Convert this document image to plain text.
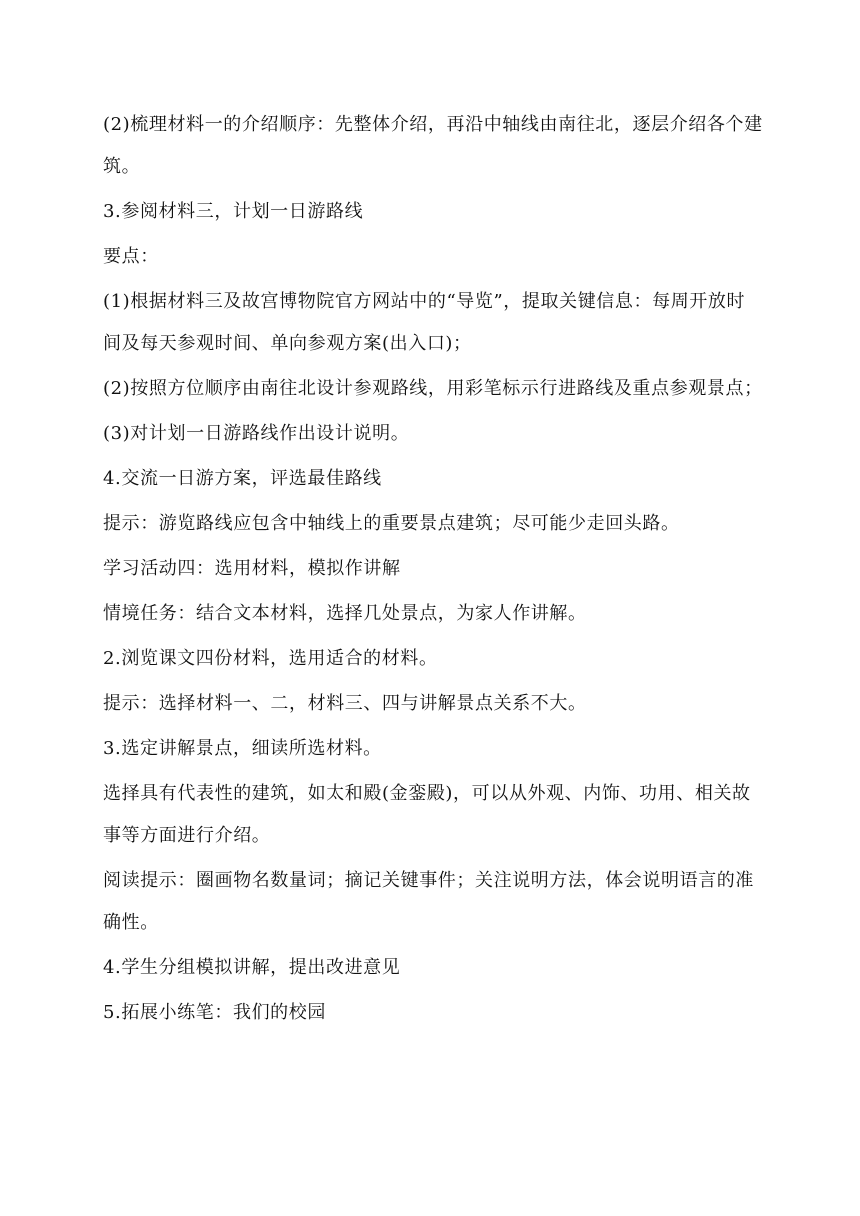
(2)梳理材料一的介绍顺序：先整体介绍，再沿中轴线由南往北，逐层介绍各个建筑。

3.参阅材料三，计划一日游路线

要点：

(1)根据材料三及故宫博物院官方网站中的“导览”，提取关键信息：每周开放时间及每天参观时间、单向参观方案(出入口)；

(2)按照方位顺序由南往北设计参观路线，用彩笔标示行进路线及重点参观景点；

(3)对计划一日游路线作出设计说明。

4.交流一日游方案，评选最佳路线

提示：游览路线应包含中轴线上的重要景点建筑；尽可能少走回头路。

学习活动四：选用材料，模拟作讲解

情境任务：结合文本材料，选择几处景点，为家人作讲解。

2.浏览课文四份材料，选用适合的材料。

提示：选择材料一、二，材料三、四与讲解景点关系不大。

3.选定讲解景点，细读所选材料。

选择具有代表性的建筑，如太和殿(金銮殿)，可以从外观、内饰、功用、相关故事等方面进行介绍。

阅读提示：圈画物名数量词；摘记关键事件；关注说明方法，体会说明语言的准确性。

4.学生分组模拟讲解，提出改进意见

5.拓展小练笔：我们的校园
